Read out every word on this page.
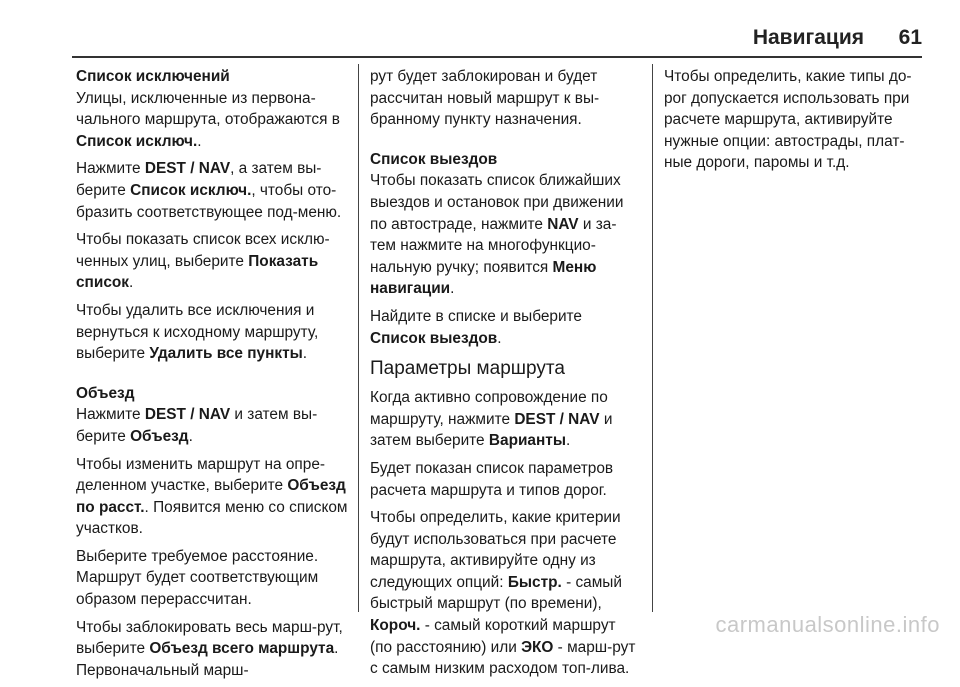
Навигация 61
Список исключений

Улицы, исключенные из первона-чального маршрута, отображаются в Список исключ..

Нажмите DEST / NAV, а затем вы-берите Список исключ., чтобы ото-бразить соответствующее под-меню.

Чтобы показать список всех исклю-ченных улиц, выберите Показать список.

Чтобы удалить все исключения и вернуться к исходному маршруту, выберите Удалить все пункты.

Объезд

Нажмите DEST / NAV и затем вы-берите Объезд.

Чтобы изменить маршрут на опре-деленном участке, выберите Объезд по расст.. Появится меню со списком участков.

Выберите требуемое расстояние. Маршрут будет соответствующим образом перерассчитан.

Чтобы заблокировать весь марш-рут, выберите Объезд всего маршрута. Первоначальный марш-

рут будет заблокирован и будет рассчитан новый маршрут к вы-бранному пункту назначения.

Список выездов

Чтобы показать список ближайших выездов и остановок при движении по автостраде, нажмите NAV и за-тем нажмите на многофункцио-нальную ручку; появится Меню навигации.

Найдите в списке и выберите Список выездов.

Параметры маршрута

Когда активно сопровождение по маршруту, нажмите DEST / NAV и затем выберите Варианты.

Будет показан список параметров расчета маршрута и типов дорог.

Чтобы определить, какие критерии будут использоваться при расчете маршрута, активируйте одну из следующих опций: Быстр. - самый быстрый маршрут (по времени), Короч. - самый короткий маршрут (по расстоянию) или ЭКО - марш-рут с самым низким расходом топ-лива.

Чтобы определить, какие типы до-рог допускается использовать при расчете маршрута, активируйте нужные опции: автострады, плат-ные дороги, паромы и т.д.

carmanualsonline.info
